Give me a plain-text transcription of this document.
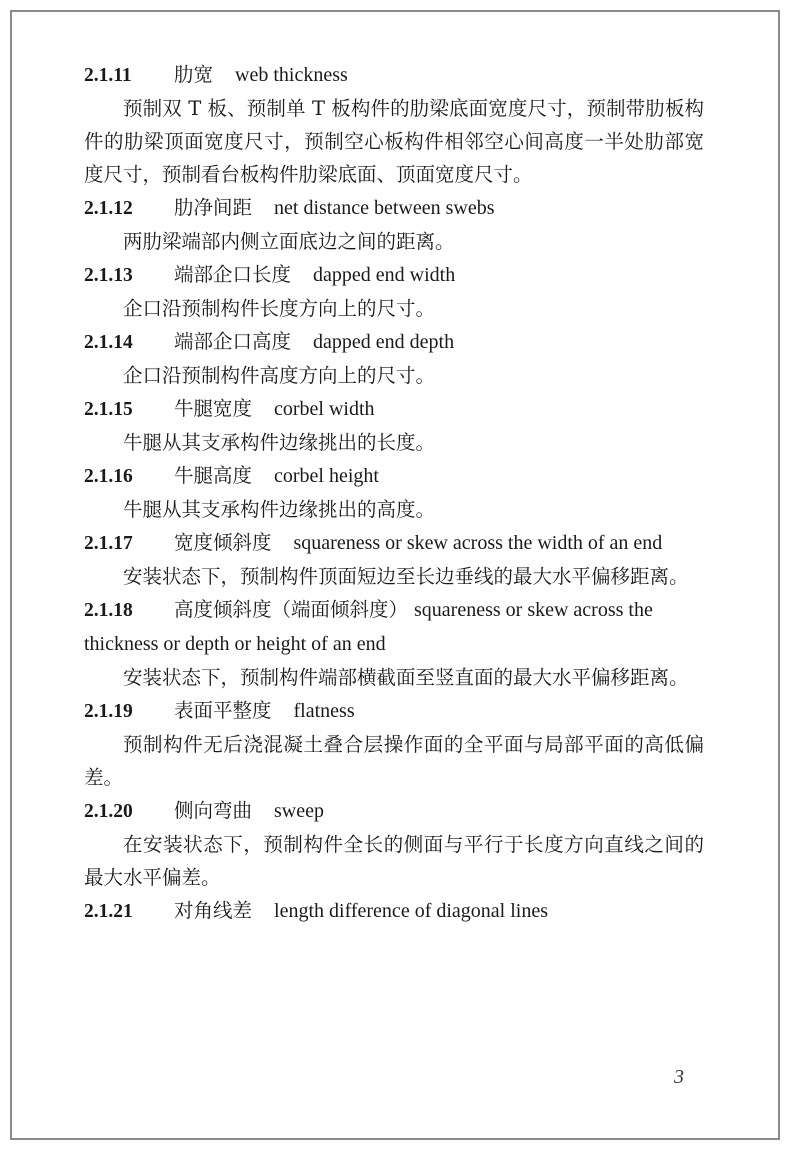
2.1.11 肋宽 web thickness

预制双 T 板、预制单 T 板构件的肋梁底面宽度尺寸，预制带肋板构件的肋梁顶面宽度尺寸，预制空心板构件相邻空心间高度一半处肋部宽度尺寸，预制看台板构件肋梁底面、顶面宽度尺寸。

2.1.12 肋净间距 net distance between swebs

两肋梁端部内侧立面底边之间的距离。

2.1.13 端部企口长度 dapped end width

企口沿预制构件长度方向上的尺寸。

2.1.14 端部企口高度 dapped end depth

企口沿预制构件高度方向上的尺寸。

2.1.15 牛腿宽度 corbel width

牛腿从其支承构件边缘挑出的长度。

2.1.16 牛腿高度 corbel height

牛腿从其支承构件边缘挑出的高度。

2.1.17 宽度倾斜度 squareness or skew across the width of an end

安装状态下，预制构件顶面短边至长边垂线的最大水平偏移距离。

2.1.18 高度倾斜度（端面倾斜度） squareness or skew across the thickness or depth or height of an end

安装状态下，预制构件端部横截面至竖直面的最大水平偏移距离。

2.1.19 表面平整度 flatness

预制构件无后浇混凝土叠合层操作面的全平面与局部平面的高低偏差。

2.1.20 侧向弯曲 sweep

在安装状态下，预制构件全长的侧面与平行于长度方向直线之间的最大水平偏差。

2.1.21 对角线差 length difference of diagonal lines

3
